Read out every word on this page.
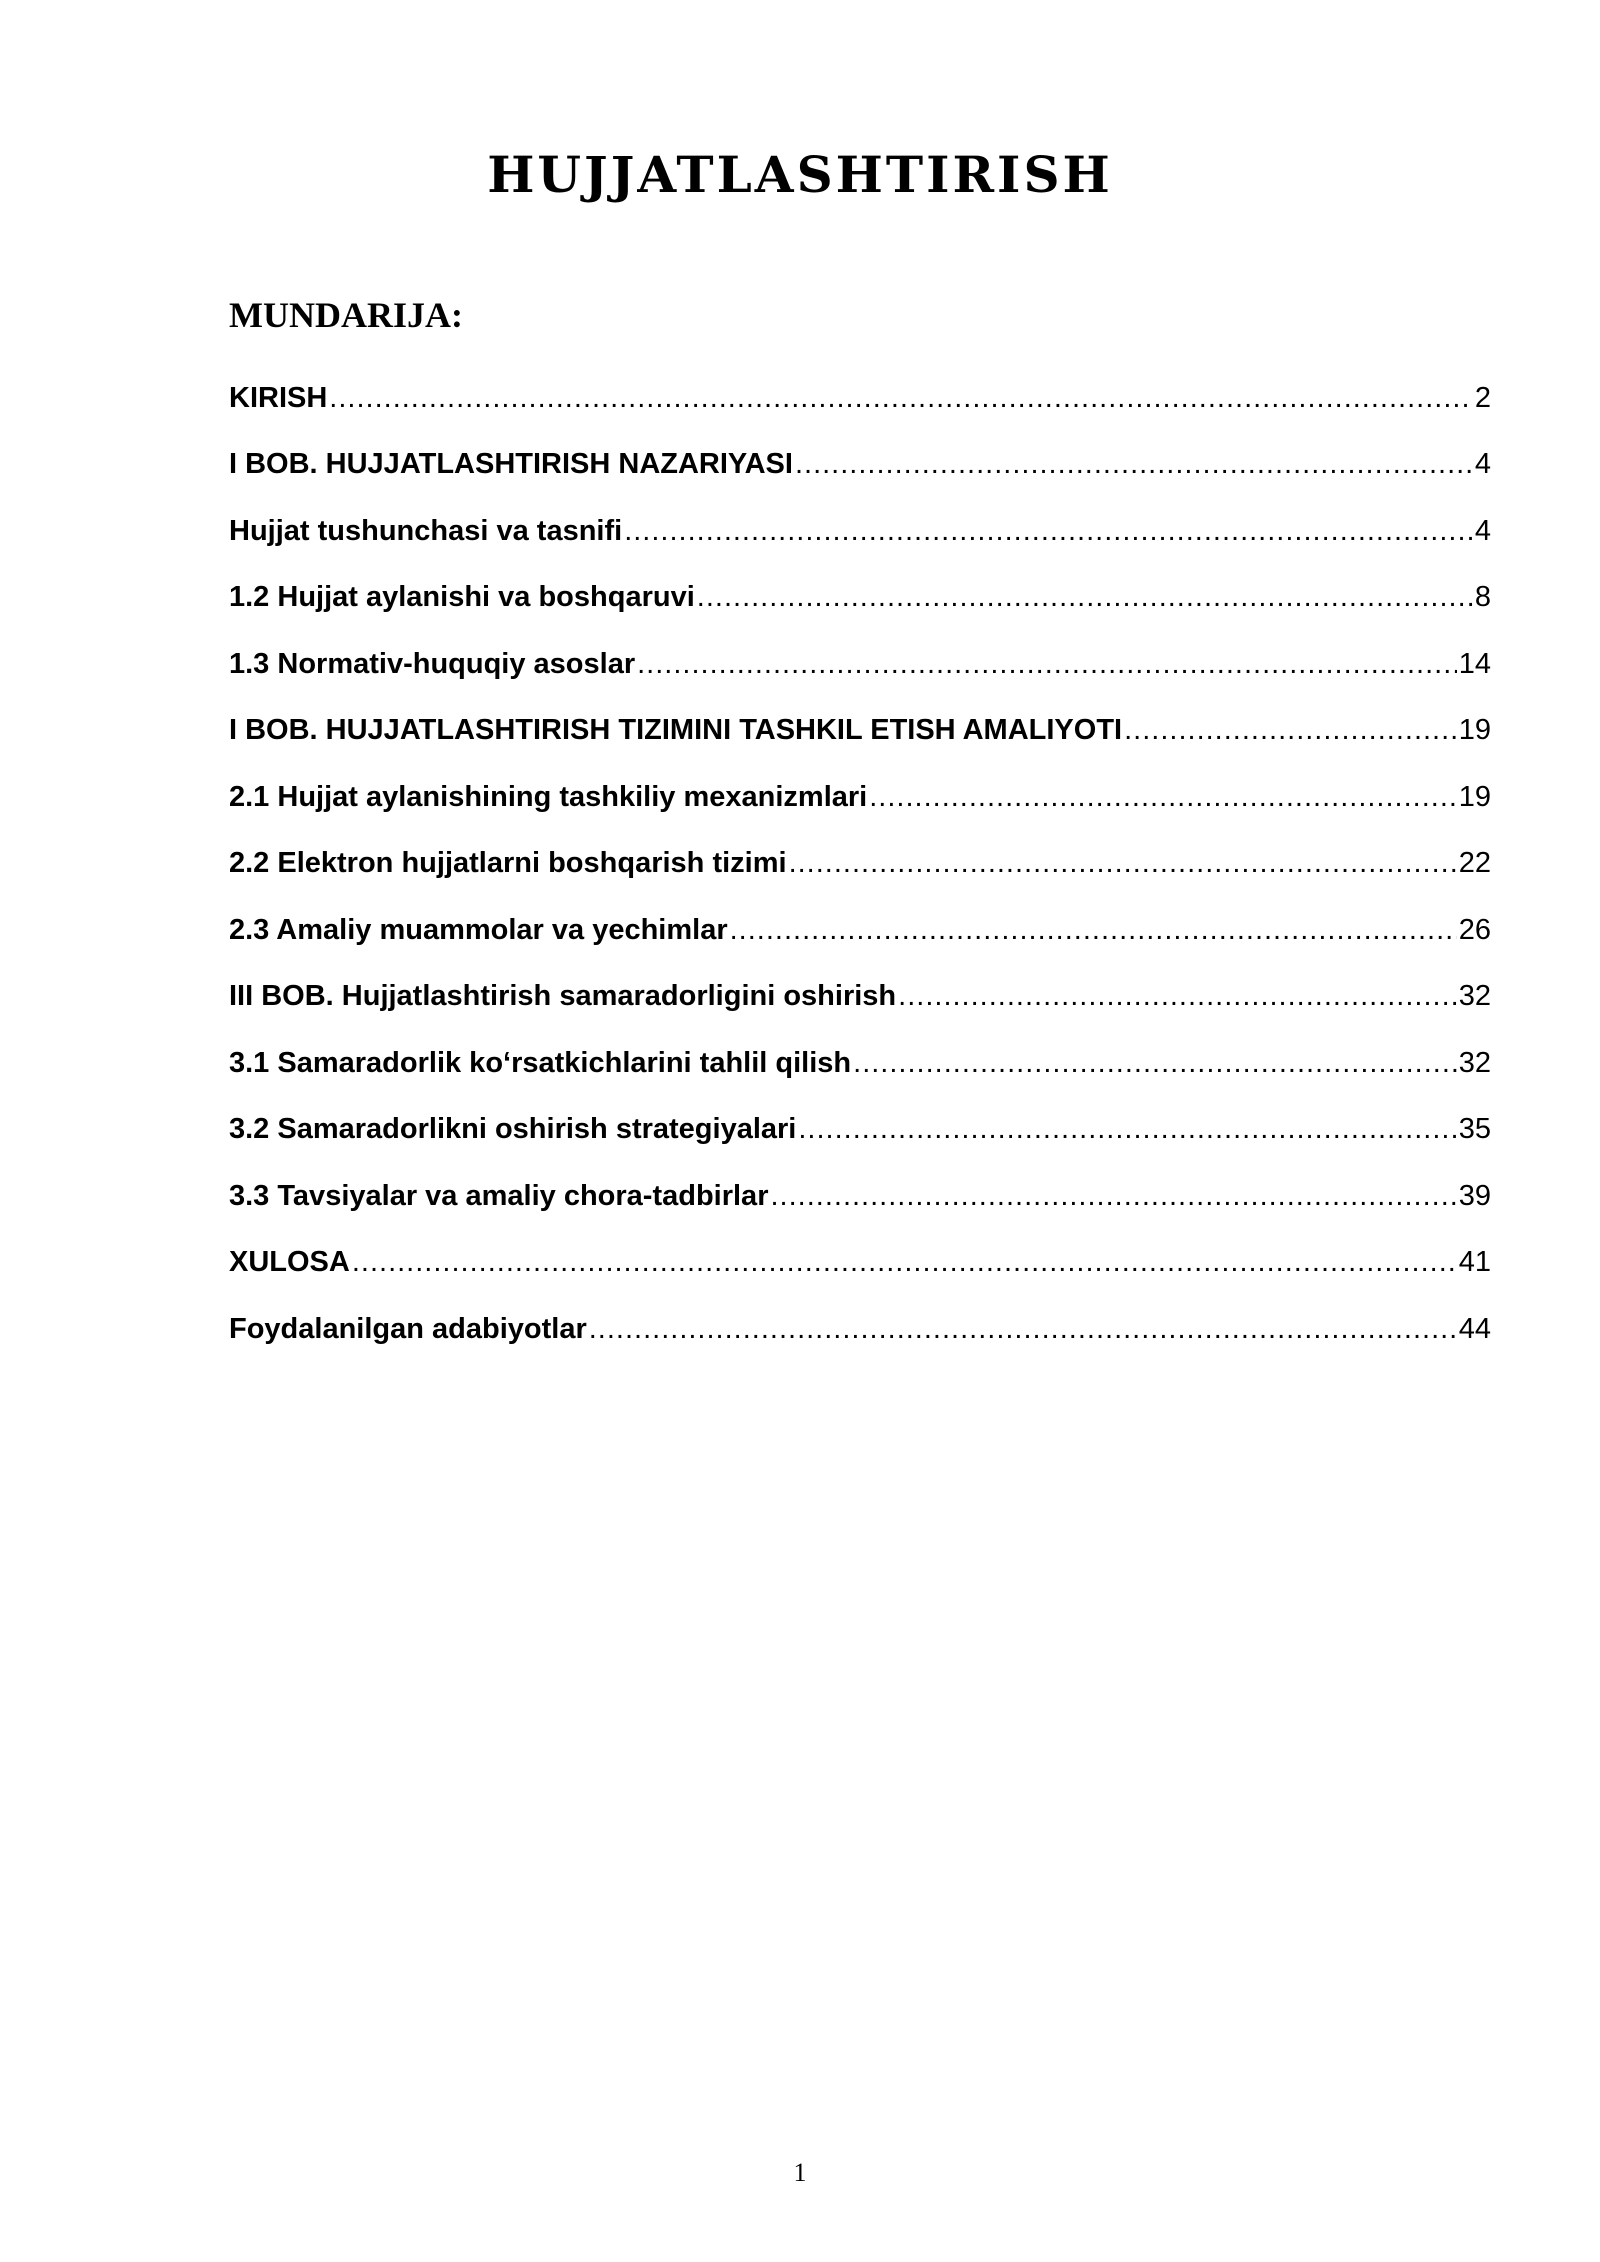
HUJJATLASHTIRISH
MUNDARIJA:
KIRISH .....	2
I BOB. HUJJATLASHTIRISH NAZARIYASI .....	4
Hujjat tushunchasi va tasnifi .....	4
1.2 Hujjat aylanishi va boshqaruvi .....	8
1.3 Normativ-huquqiy asoslar .....	14
I BOB. HUJJATLASHTIRISH TIZIMINI TASHKIL ETISH AMALIYOTI .....	19
2.1 Hujjat aylanishining tashkiliy mexanizmlari .....	19
2.2 Elektron hujjatlarni boshqarish tizimi .....	22
2.3 Amaliy muammolar va yechimlar .....	26
III BOB. Hujjatlashtirish samaradorligini oshirish .....	32
3.1 Samaradorlik ko‘rsatkichlarini tahlil qilish .....	32
3.2 Samaradorlikni oshirish strategiyalari .....	35
3.3 Tavsiyalar va amaliy chora-tadbirlar .....	39
XULOSA .....	41
Foydalanilgan adabiyotlar .....	44
1
